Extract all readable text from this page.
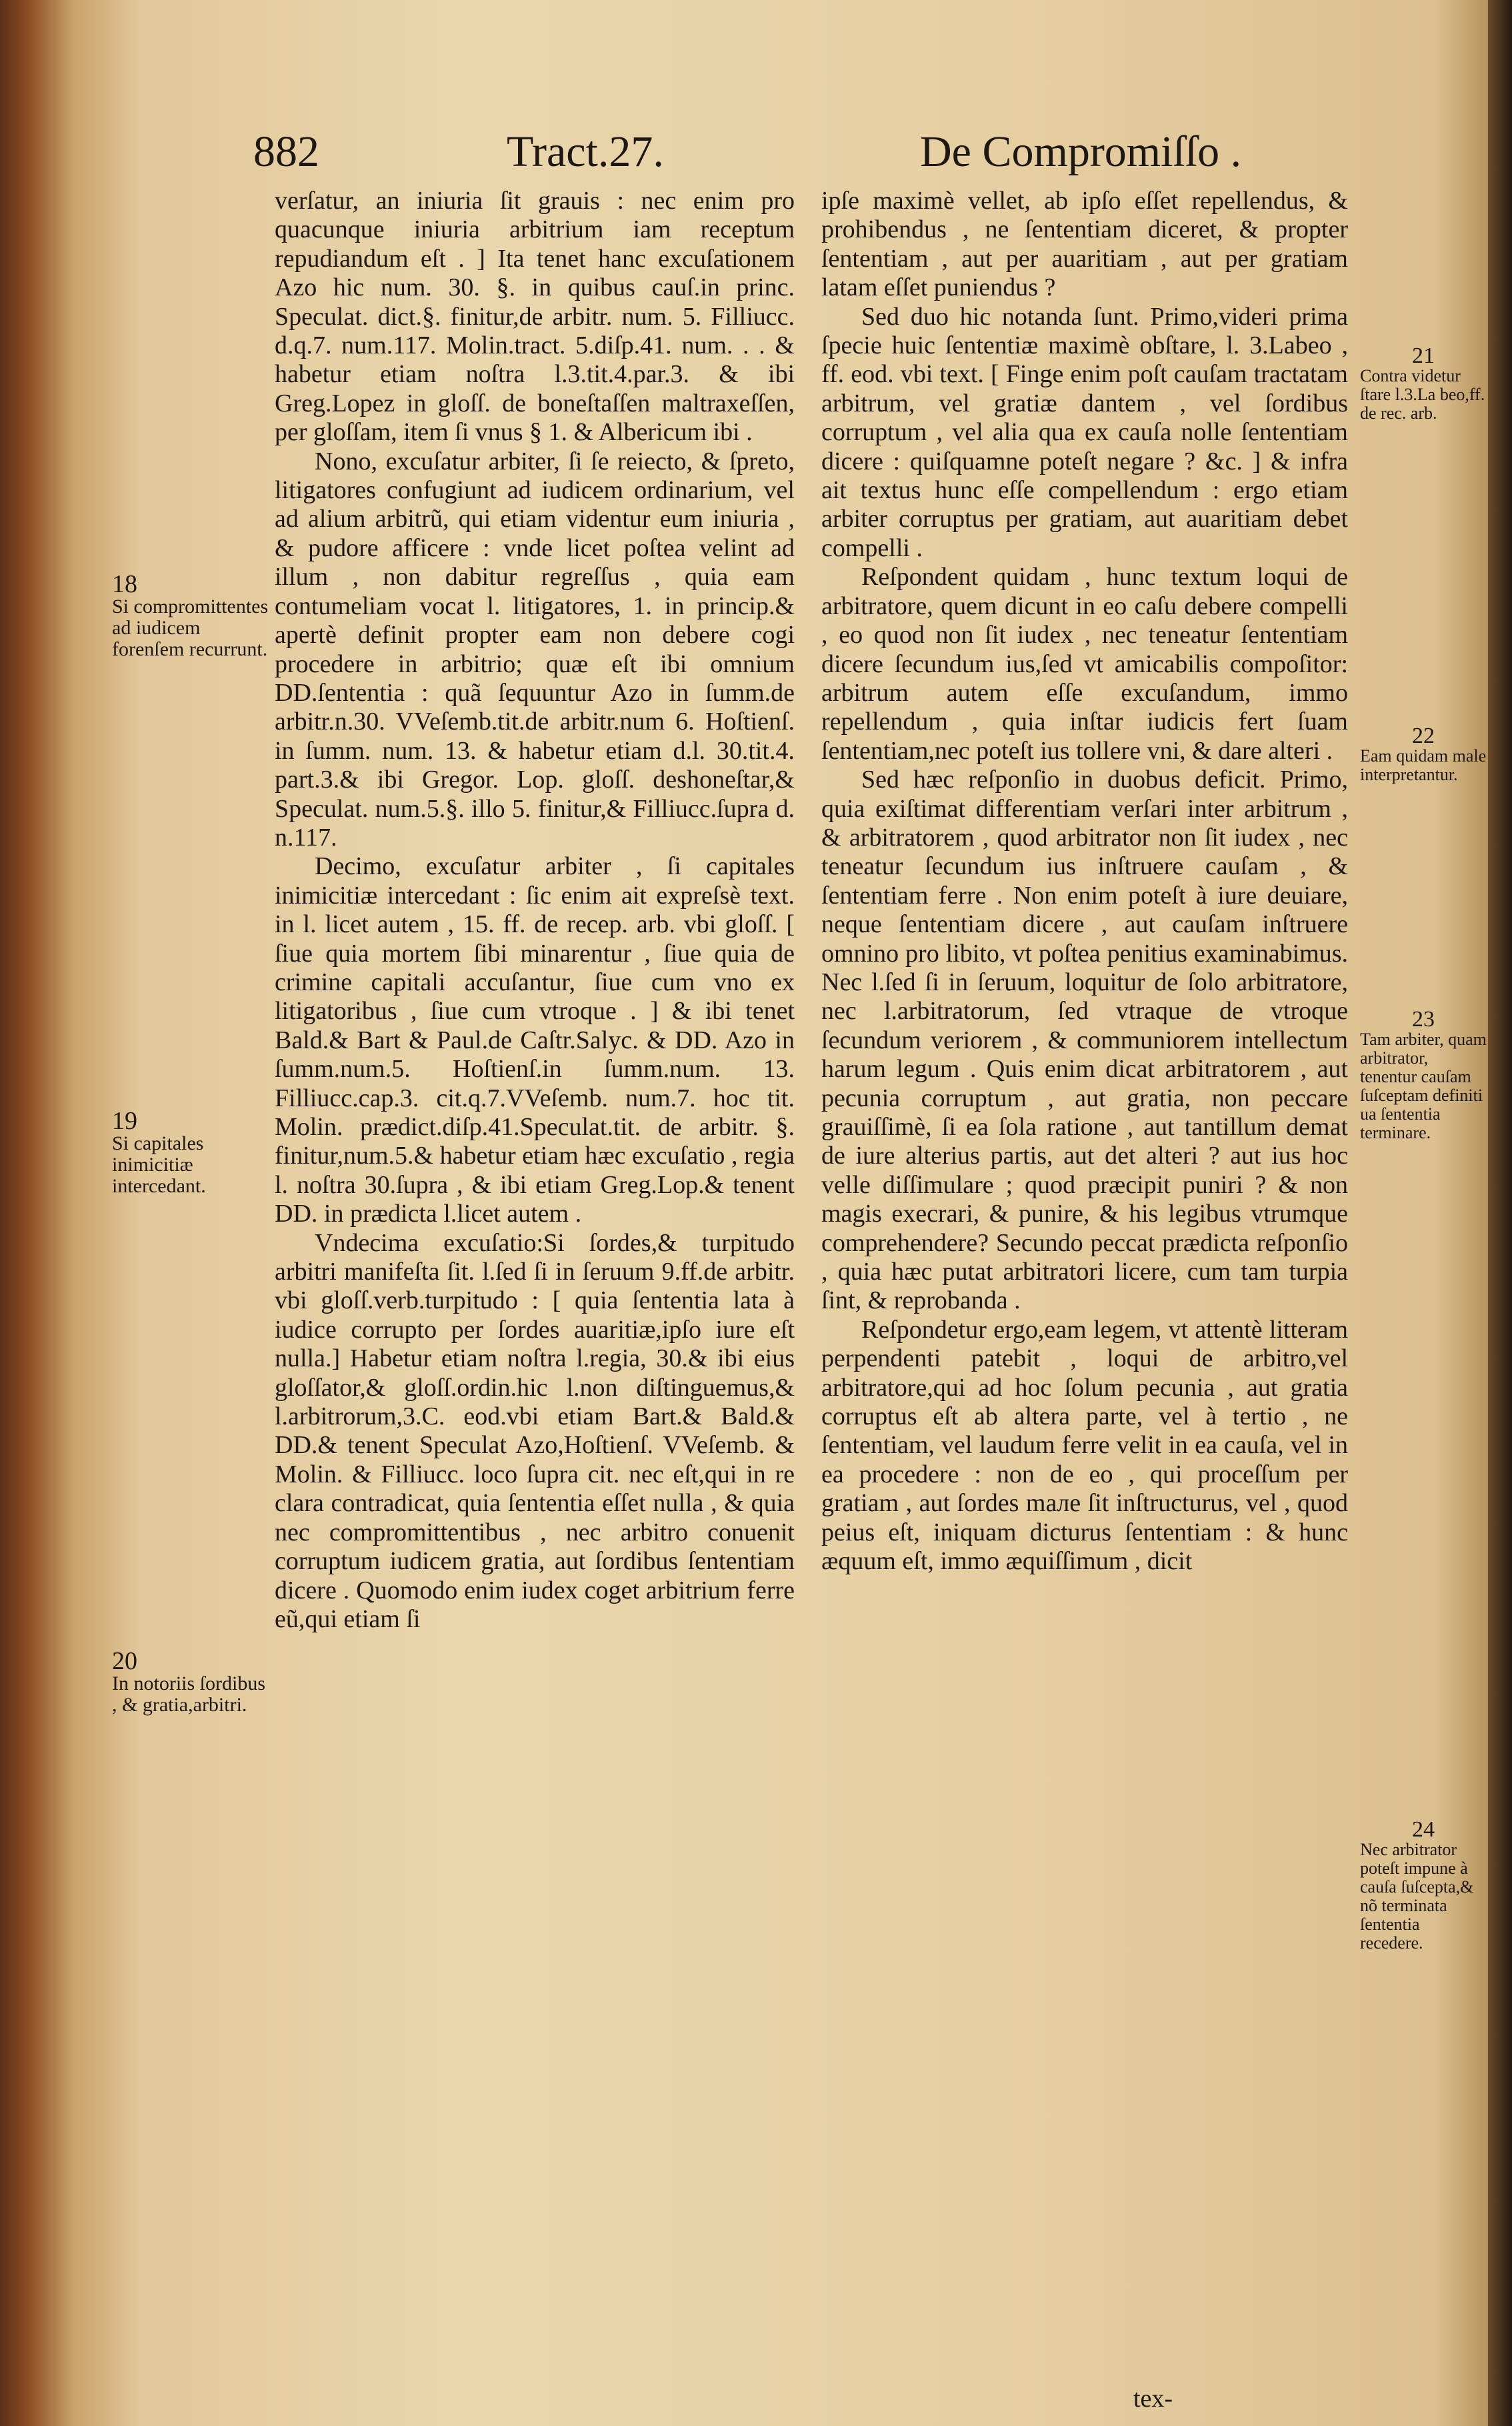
882	Tract.27.	De Compromiſſo .

verſatur, an iniuria ſit grauis : nec enim pro quacunque iniuria arbitrium iam receptum repudiandum eſt . ] Ita tenet hanc excuſationem Azo hic num. 30. §. in quibus cauſ.in princ. Speculat. dict.§. finitur,de arbitr. num. 5. Filliucc. d.q.7. num.117. Molin.tract. 5.diſp.41. num. . . & habetur etiam noſtra l.3.tit.4.par.3. & ibi Greg.Lopez in gloſſ. de boneſtaſſen maltraxeſſen, per gloſſam, item ſi vnus § 1. & Albericum ibi .

Nono, excuſatur arbiter, ſi ſe reiecto, & ſpreto, litigatores confugiunt ad iudicem ordinarium, vel ad alium arbitrũ, qui etiam videntur eum iniuria , & pudore afficere : vnde licet poſtea velint ad illum , non dabitur regreſſus , quia eam contumeliam vocat l. litigatores, 1. in princip.& apertè definit propter eam non debere cogi procedere in arbitrio; quæ eſt ibi omnium DD.ſententia : quã ſequuntur Azo in ſumm.de arbitr.n.30. VVeſemb.tit.de arbitr.num 6. Hoſtienſ. in ſumm. num. 13. & habetur etiam d.l. 30.tit.4. part.3.& ibi Gregor. Lop. gloſſ. deshoneſtar,& Speculat. num.5.§. illo 5. finitur,& Filliucc.ſupra d. n.117.

Decimo, excuſatur arbiter , ſi capitales inimicitiæ intercedant : ſic enim ait expreſsè text. in l. licet autem , 15. ff. de recep. arb. vbi gloſſ. [ ſiue quia mortem ſibi minarentur , ſiue quia de crimine capitali accuſantur, ſiue cum vno ex litigatoribus , ſiue cum vtroque . ] & ibi tenet Bald.& Bart & Paul.de Caſtr.Salyc. & DD. Azo in ſumm.num.5. Hoſtienſ.in ſumm.num. 13. Filliucc.cap.3. cit.q.7.VVeſemb. num.7. hoc tit. Molin. prædict.diſp.41.Speculat.tit. de arbitr. §. finitur,num.5.& habetur etiam hæc excuſatio , regia l. noſtra 30.ſupra , & ibi etiam Greg.Lop.& tenent DD. in prædicta l.licet autem .

Vndecima excuſatio:Si ſordes,& turpitudo arbitri manifeſta ſit. l.ſed ſi in ſeruum 9.ff.de arbitr. vbi gloſſ.verb.turpitudo : [ quia ſententia lata à iudice corrupto per ſordes auaritiæ,ipſo iure eſt nulla.] Habetur etiam noſtra l.regia, 30.& ibi eius gloſſator,& gloſſ.ordin.hic l.non diſtinguemus,& l.arbitrorum,3.C. eod.vbi etiam Bart.& Bald.& DD.& tenent Speculat Azo,Hoſtienſ. VVeſemb. & Molin. & Filliucc. loco ſupra cit. nec eſt,qui in re clara contradicat, quia ſententia eſſet nulla , & quia nec compromittentibus , nec arbitro conuenit corruptum iudicem gratia, aut ſordibus ſententiam dicere . Quomodo enim iudex coget arbitrium ferre eũ,qui etiam ſi

ipſe maximè vellet, ab ipſo eſſet repellendus, & prohibendus , ne ſententiam diceret, & propter ſententiam , aut per auaritiam , aut per gratiam latam eſſet puniendus ?

Sed duo hic notanda ſunt. Primo,videri prima ſpecie huic ſententiæ maximè obſtare, l. 3.Labeo , ff. eod. vbi text. [ Finge enim poſt cauſam tractatam arbitrum, vel gratiæ dantem , vel ſordibus corruptum , vel alia qua ex cauſa nolle ſententiam dicere : quiſquamne poteſt negare ? &c. ] & infra ait textus hunc eſſe compellendum : ergo etiam arbiter corruptus per gratiam, aut auaritiam debet compelli .

Reſpondent quidam , hunc textum loqui de arbitratore, quem dicunt in eo caſu debere compelli , eo quod non ſit iudex , nec teneatur ſententiam dicere ſecundum ius,ſed vt amicabilis compoſitor: arbitrum autem eſſe excuſandum, immo repellendum , quia inſtar iudicis fert ſuam ſententiam,nec poteſt ius tollere vni, & dare alteri .

Sed hæc reſponſio in duobus deficit. Primo, quia exiſtimat differentiam verſari inter arbitrum , & arbitratorem , quod arbitrator non ſit iudex , nec teneatur ſecundum ius inſtruere cauſam , & ſententiam ferre . Non enim poteſt à iure deuiare, neque ſententiam dicere , aut cauſam inſtruere omnino pro libito, vt poſtea penitius examinabimus. Nec l.ſed ſi in ſeruum, loquitur de ſolo arbitratore, nec l.arbitratorum, ſed vtraque de vtroque ſecundum veriorem , & communiorem intellectum harum legum . Quis enim dicat arbitratorem , aut pecunia corruptum , aut gratia, non peccare grauiſſimè, ſi ea ſola ratione , aut tantillum demat de iure alterius partis, aut det alteri ? aut ius hoc velle diſſimulare ; quod præcipit puniri ? & non magis execrari, & punire, & his legibus vtrumque comprehendere? Secundo peccat prædicta reſponſio , quia hæc putat arbitratori licere, cum tam turpia ſint, & reprobanda .

Reſpondetur ergo,eam legem, vt attentè litteram perpendenti patebit , loqui de arbitro,vel arbitratore,qui ad hoc ſolum pecunia , aut gratia corruptus eſt ab altera parte, vel à tertio , ne ſententiam, vel laudum ferre velit in ea cauſa, vel in ea procedere : non de eo , qui proceſſum per gratiam , aut ſordes maле ſit inſtructurus, vel , quod peius eſt, iniquam dicturus ſententiam : & hunc æquum eſt, immo æquiſſimum , dicit

18
Si compromittentes ad iudicem forenſem recurrunt.
19
Si capitales inimicitiæ intercedant.
20
In notoriis ſordibus , & gratia,arbitri.
21
Contra videtur ſtare l.3.La beo,ff. de rec. arb.
22
Eam quidam male interpretantur.
23
Tam arbiter, quam arbitrator, tenentur cauſam ſuſceptam definiti ua ſententia terminare.
24
Nec arbitrator poteſt impune à cauſa ſuſcepta,& nõ terminata ſententia recedere.
tex-
